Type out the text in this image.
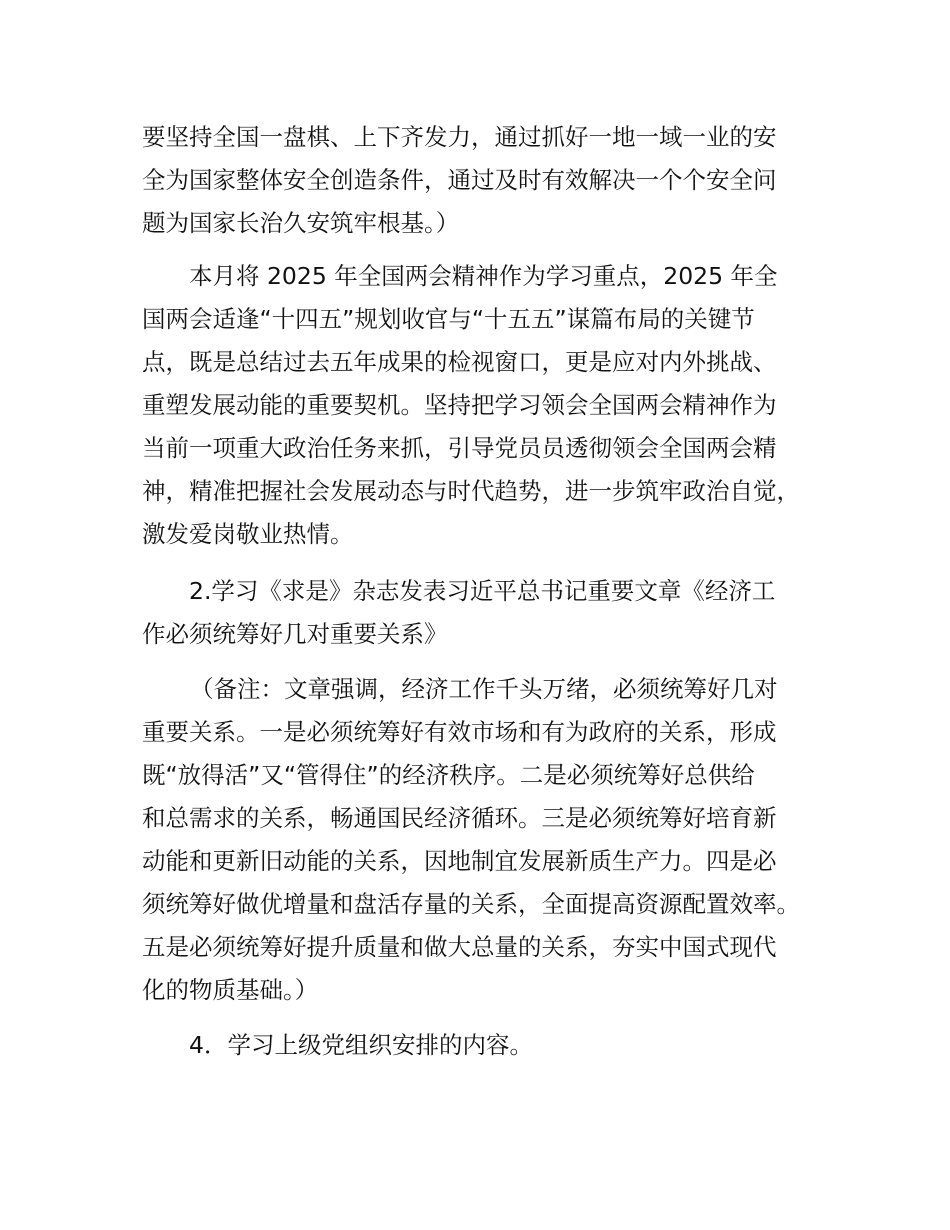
要坚持全国一盘棋、上下齐发力，通过抓好一地一域一业的安
全为国家整体安全创造条件，通过及时有效解决一个个安全问
题为国家长治久安筑牢根基。）
本月将 2025 年全国两会精神作为学习重点，2025 年全
国两会适逢“十四五”规划收官与“十五五”谋篇布局的关键节
点，既是总结过去五年成果的检视窗口，更是应对内外挑战、
重塑发展动能的重要契机。坚持把学习领会全国两会精神作为
当前一项重大政治任务来抓，引导党员员透彻领会全国两会精
神，精准把握社会发展动态与时代趋势，进一步筑牢政治自觉，
激发爱岗敬业热情。
2.学习《求是》杂志发表习近平总书记重要文章《经济工
作必须统筹好几对重要关系》
（备注：文章强调，经济工作千头万绪，必须统筹好几对
重要关系。一是必须统筹好有效市场和有为政府的关系，形成
既“放得活”又“管得住”的经济秩序。二是必须统筹好总供给
和总需求的关系，畅通国民经济循环。三是必须统筹好培育新
动能和更新旧动能的关系，因地制宜发展新质生产力。四是必
须统筹好做优增量和盘活存量的关系，全面提高资源配置效率。
五是必须统筹好提升质量和做大总量的关系，夯实中国式现代
化的物质基础。）
4．学习上级党组织安排的内容。
